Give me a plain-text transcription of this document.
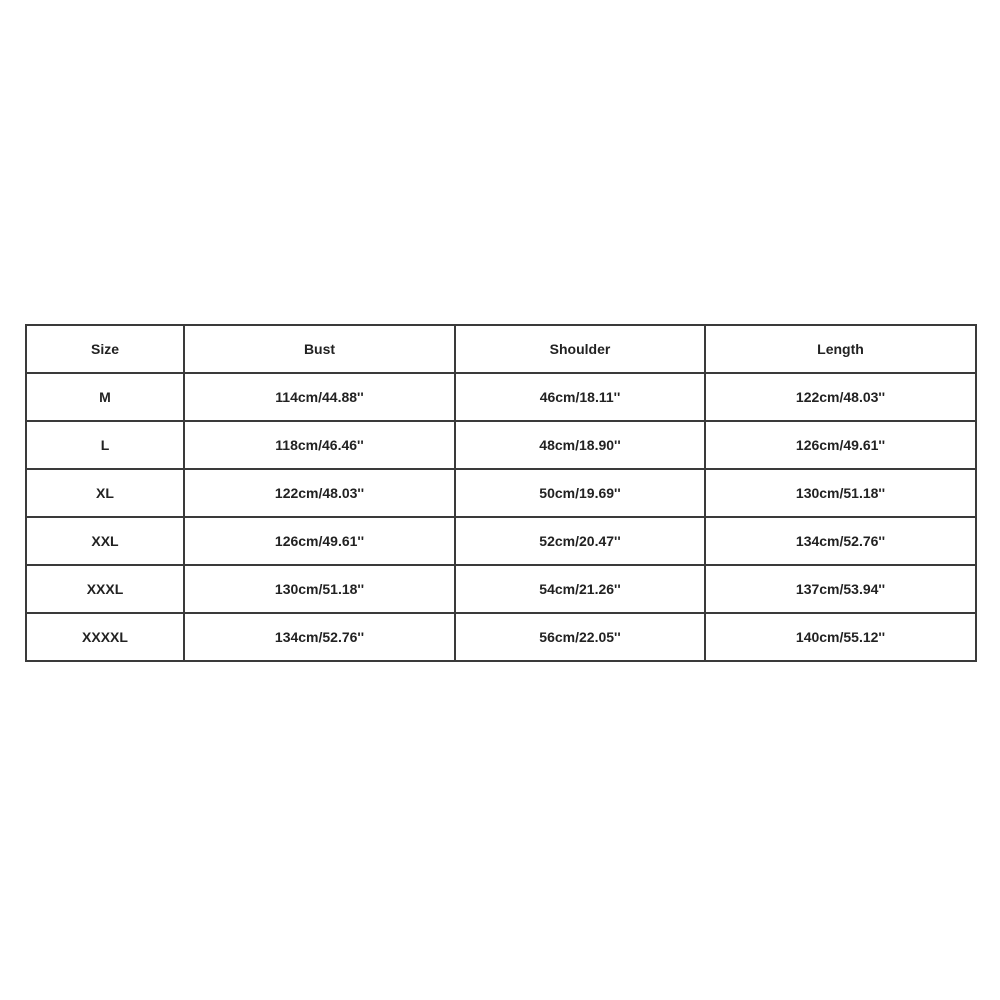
Size	Bust	Shoulder	Length
M	114cm/44.88''	46cm/18.11''	122cm/48.03''
L	118cm/46.46''	48cm/18.90''	126cm/49.61''
XL	122cm/48.03''	50cm/19.69''	130cm/51.18''
XXL	126cm/49.61''	52cm/20.47''	134cm/52.76''
XXXL	130cm/51.18''	54cm/21.26''	137cm/53.94''
XXXXL	134cm/52.76''	56cm/22.05''	140cm/55.12''
